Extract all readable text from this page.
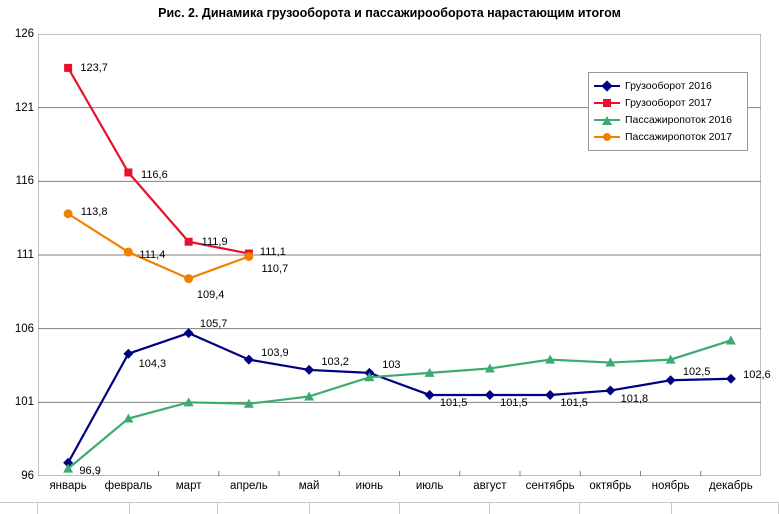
Рис. 2. Динамика грузооборота и пассажирооборота нарастающим итогом
96
101
106
111
116
121
126
96,9
104,3
105,7
103,9
103,2	103
101,5	101,5	101,5	101,8
102,5	102,6
123,7
116,6
111,9
111,1
113,8
111,4
109,4
110,7
январь февраль март апрель	май	июнь	июль	август сентябрь октябрь ноябрь декабрь
Грузооборот 2016
Грузооборот 2017
Пассажиропоток 2016
Пассажиропоток 2017
